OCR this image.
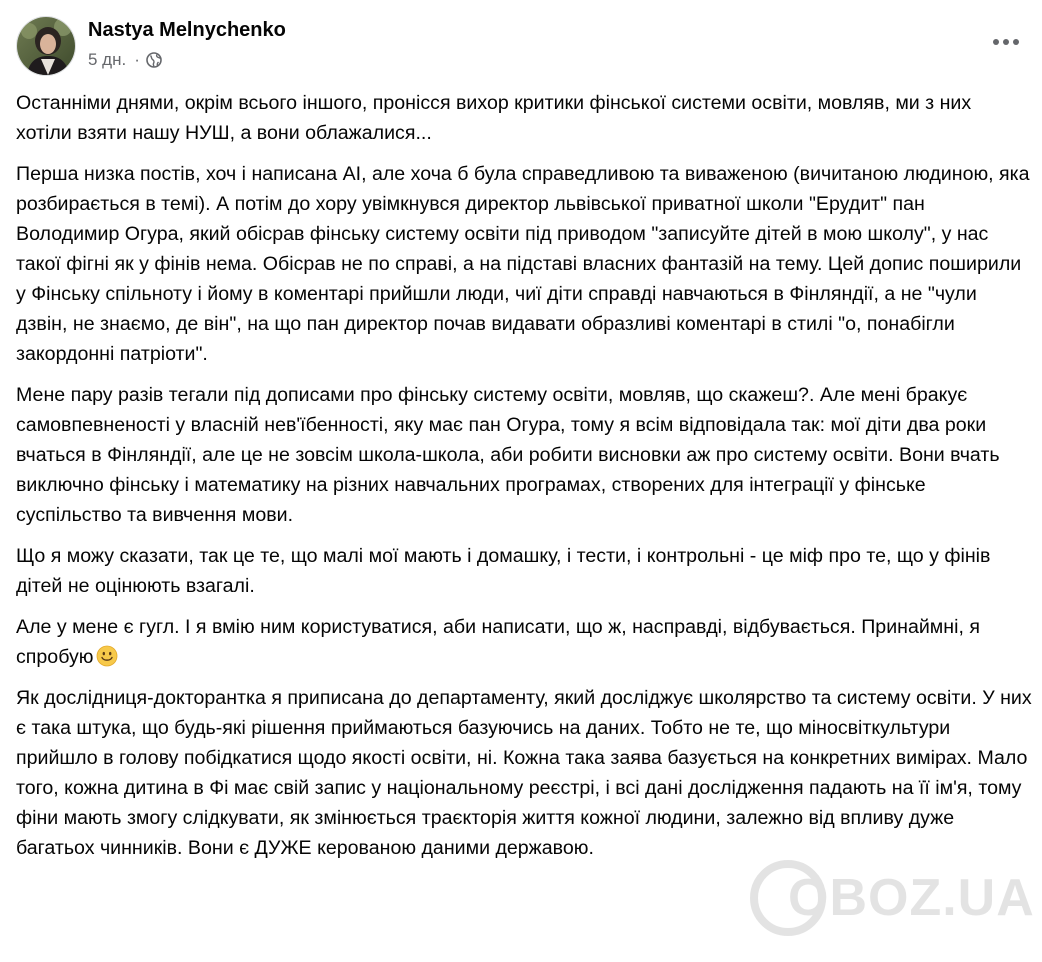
Nastya Melnychenko
5 дн. ·

Останніми днями, окрім всього іншого, пронісся вихор критики фінської системи освіти, мовляв, ми з них хотіли взяти нашу НУШ, а вони облажалися...

Перша низка постів, хоч і написана АІ, але хоча б була справедливою та виваженою (вичитаною людиною, яка розбирається в темі). А потім до хору увімкнувся директор львівської приватної школи "Ерудит" пан Володимир Огура, який обісрав фінську систему освіти під приводом "записуйте дітей в мою школу", у нас такої фігні як у фінів нема. Обісрав не по справі, а на підставі власних фантазій на тему. Цей допис поширили у Фінську спільноту і йому в коментарі прийшли люди, чиї діти справді навчаються в Фінляндії, а не "чули дзвін, не знаємо, де він", на що пан директор почав видавати образливі коментарі в стилі "о, понабігли закордонні патріоти".

Мене пару разів тегали під дописами про фінську систему освіти, мовляв, що скажеш?. Але мені бракує самовпевненості у власній нев'їбенності, яку має пан Огура, тому я всім відповідала так: мої діти два роки вчаться в Фінляндії, але це не зовсім школа-школа, аби робити висновки аж про систему освіти. Вони вчать виключно фінську і математику на різних навчальних програмах, створених для інтеграції у фінське суспільство та вивчення мови.

Що я можу сказати, так це те, що малі мої мають і домашку, і тести, і контрольні - це міф про те, що у фінів дітей не оцінюють взагалі.

Але у мене є гугл. І я вмію ним користуватися, аби написати, що ж, насправді, відбувається. Принаймні, я спробую

Як дослідниця-докторантка я приписана до департаменту, який досліджує школярство та систему освіти. У них є така штука, що будь-які рішення приймаються базуючись на даних. Тобто не те, що міносвіткультури прийшло в голову побідкатися щодо якості освіти, ні. Кожна така заява базується на конкретних вимірах. Мало того, кожна дитина в Фі має свій запис у національному реєстрі, і всі дані дослідження падають на її ім'я, тому фіни мають змогу слідкувати, як змінюється траєкторія життя кожної людини, залежно від впливу дуже багатьох чинників. Вони є ДУЖЕ керованою даними державою.

OBOZ.UA
